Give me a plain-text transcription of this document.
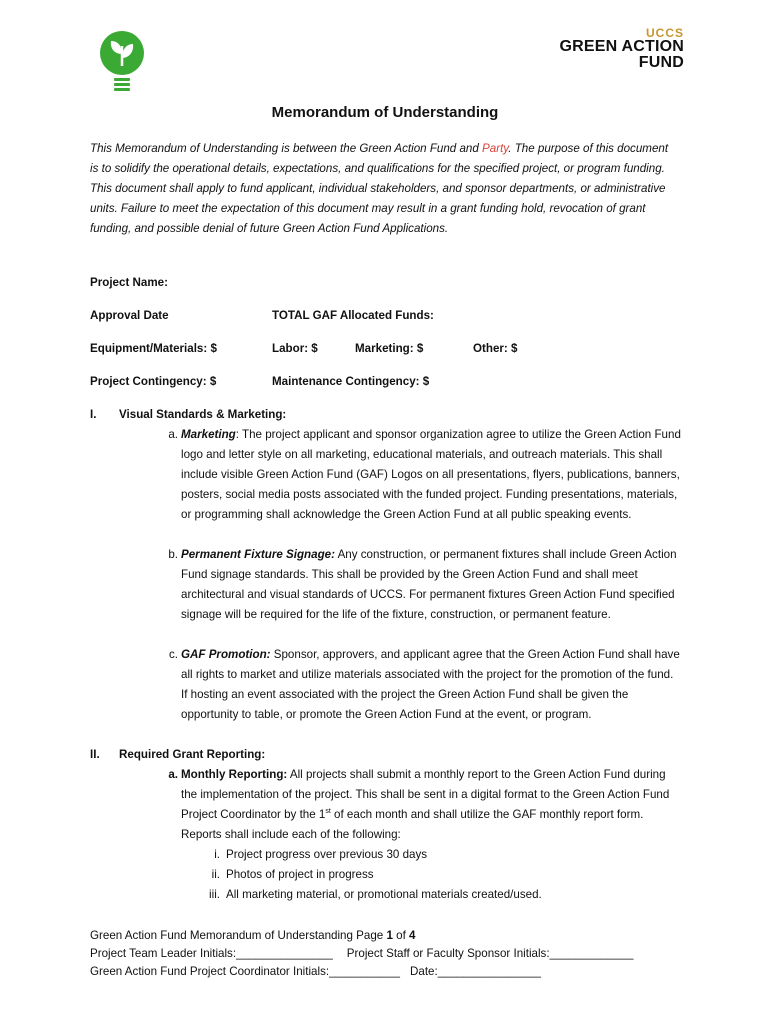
UCCS
GREEN ACTION
FUND
Memorandum of Understanding
This Memorandum of Understanding is between the Green Action Fund and Party. The purpose of this document is to solidify the operational details, expectations, and qualifications for the specified project, or program funding. This document shall apply to fund applicant, individual stakeholders, and sponsor departments, or administrative units. Failure to meet the expectation of this document may result in a grant funding hold, revocation of grant funding, and possible denial of future Green Action Fund Applications.
Project Name:
Approval Date	TOTAL GAF Allocated Funds:
Equipment/Materials: $	Labor: $	Marketing: $	Other: $
Project Contingency: $	Maintenance Contingency: $
I. Visual Standards & Marketing:
a. Marketing: The project applicant and sponsor organization agree to utilize the Green Action Fund logo and letter style on all marketing, educational materials, and outreach materials. This shall include visible Green Action Fund (GAF) Logos on all presentations, flyers, publications, banners, posters, social media posts associated with the funded project. Funding presentations, materials, or programming shall acknowledge the Green Action Fund at all public speaking events.
b. Permanent Fixture Signage: Any construction, or permanent fixtures shall include Green Action Fund signage standards. This shall be provided by the Green Action Fund and shall meet architectural and visual standards of UCCS. For permanent fixtures Green Action Fund specified signage will be required for the life of the fixture, construction, or permanent feature.
c. GAF Promotion: Sponsor, approvers, and applicant agree that the Green Action Fund shall have all rights to market and utilize materials associated with the project for the promotion of the fund. If hosting an event associated with the project the Green Action Fund shall be given the opportunity to table, or promote the Green Action Fund at the event, or program.
II. Required Grant Reporting:
a. Monthly Reporting: All projects shall submit a monthly report to the Green Action Fund during the implementation of the project. This shall be sent in a digital format to the Green Action Fund Project Coordinator by the 1st of each month and shall utilize the GAF monthly report form. Reports shall include each of the following:
i. Project progress over previous 30 days
ii. Photos of project in progress
iii. All marketing material, or promotional materials created/used.
Green Action Fund Memorandum of Understanding Page 1 of 4
Project Team Leader Initials:_______________ Project Staff or Faculty Sponsor Initials:_____________
Green Action Fund Project Coordinator Initials:___________ Date:________________
